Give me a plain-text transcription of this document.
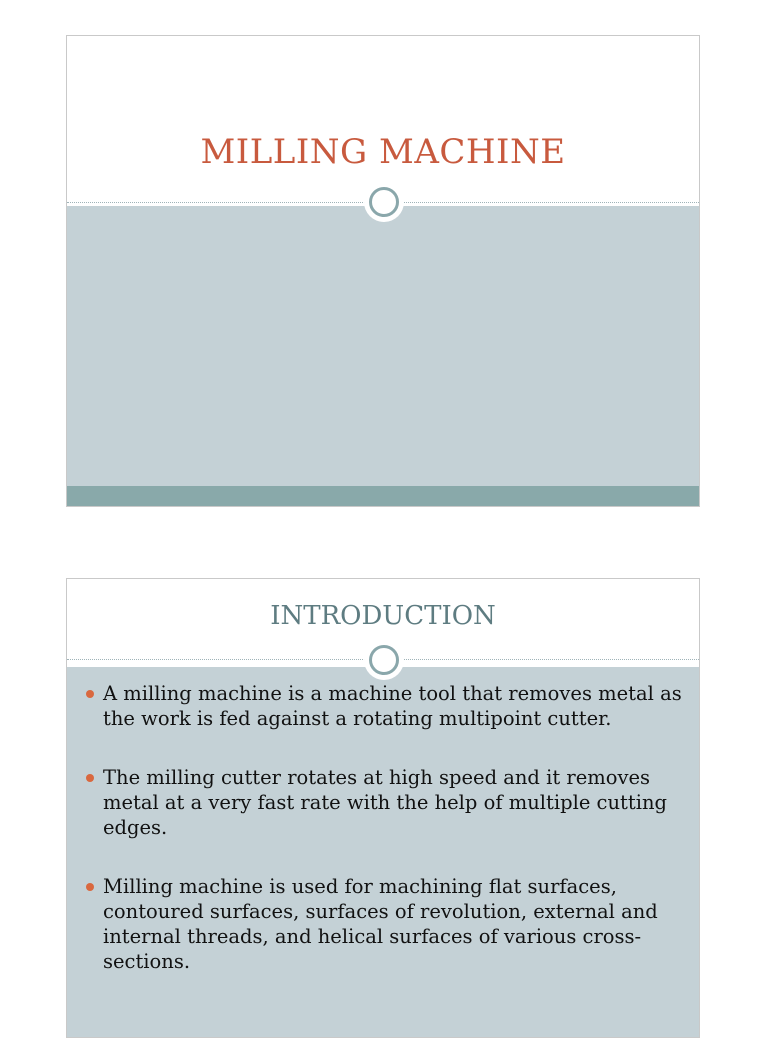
MILLING MACHINE
INTRODUCTION
A milling machine is a machine tool that removes metal as the work is fed against a rotating multipoint cutter.
The milling cutter rotates at high speed and it removes metal at a very fast rate with the help of multiple cutting edges.
Milling machine is used for machining flat surfaces, contoured surfaces, surfaces of revolution, external and internal threads, and helical surfaces of various cross-sections.
